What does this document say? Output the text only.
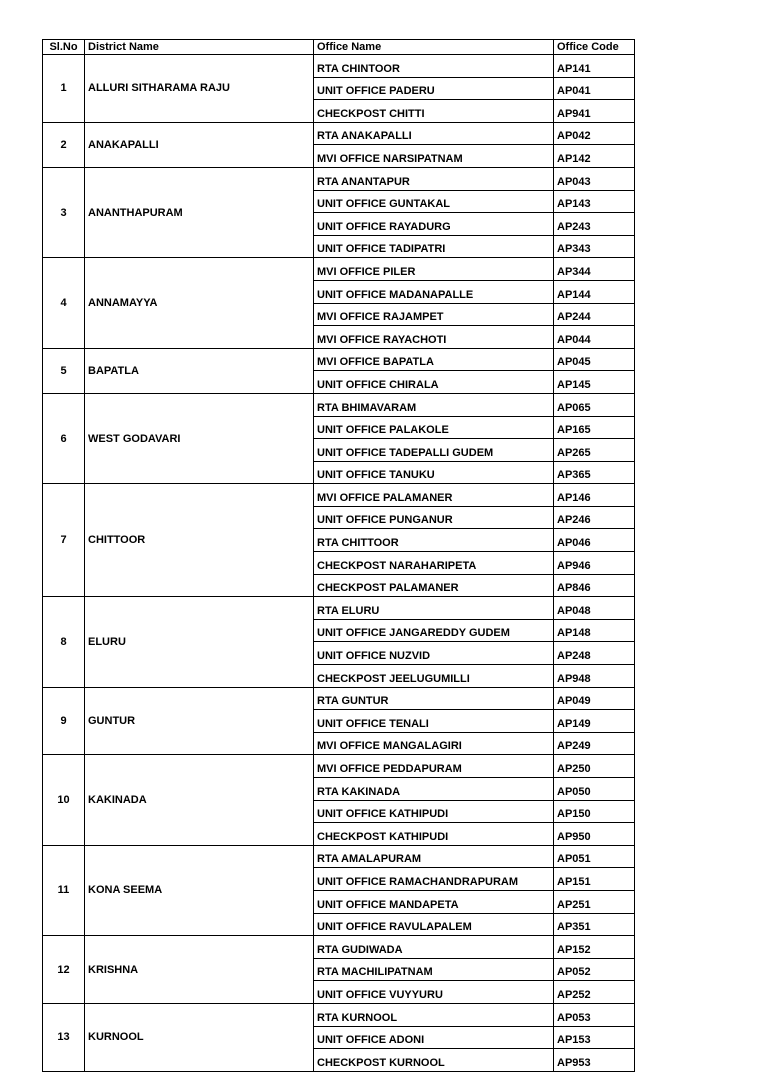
Sl.No	District Name	Office Name	Office Code
1	ALLURI SITHARAMA RAJU	RTA CHINTOOR	AP141
		UNIT OFFICE PADERU	AP041
		CHECKPOST CHITTI	AP941
2	ANAKAPALLI	RTA ANAKAPALLI	AP042
		MVI OFFICE NARSIPATNAM	AP142
3	ANANTHAPURAM	RTA ANANTAPUR	AP043
		UNIT OFFICE GUNTAKAL	AP143
		UNIT OFFICE RAYADURG	AP243
		UNIT OFFICE TADIPATRI	AP343
4	ANNAMAYYA	MVI OFFICE PILER	AP344
		UNIT OFFICE MADANAPALLE	AP144
		MVI OFFICE RAJAMPET	AP244
		MVI OFFICE RAYACHOTI	AP044
5	BAPATLA	MVI OFFICE BAPATLA	AP045
		UNIT OFFICE CHIRALA	AP145
6	WEST GODAVARI	RTA BHIMAVARAM	AP065
		UNIT OFFICE PALAKOLE	AP165
		UNIT OFFICE TADEPALLI GUDEM	AP265
		UNIT OFFICE TANUKU	AP365
7	CHITTOOR	MVI OFFICE PALAMANER	AP146
		UNIT OFFICE PUNGANUR	AP246
		RTA CHITTOOR	AP046
		CHECKPOST NARAHARIPETA	AP946
		CHECKPOST PALAMANER	AP846
8	ELURU	RTA ELURU	AP048
		UNIT OFFICE JANGAREDDY GUDEM	AP148
		UNIT OFFICE NUZVID	AP248
		CHECKPOST JEELUGUMILLI	AP948
9	GUNTUR	RTA GUNTUR	AP049
		UNIT OFFICE TENALI	AP149
		MVI OFFICE MANGALAGIRI	AP249
10	KAKINADA	MVI OFFICE PEDDAPURAM	AP250
		RTA KAKINADA	AP050
		UNIT OFFICE KATHIPUDI	AP150
		CHECKPOST KATHIPUDI	AP950
11	KONA SEEMA	RTA AMALAPURAM	AP051
		UNIT OFFICE RAMACHANDRAPURAM	AP151
		UNIT OFFICE MANDAPETA	AP251
		UNIT OFFICE RAVULAPALEM	AP351
12	KRISHNA	RTA GUDIWADA	AP152
		RTA MACHILIPATNAM	AP052
		UNIT OFFICE VUYYURU	AP252
13	KURNOOL	RTA KURNOOL	AP053
		UNIT OFFICE ADONI	AP153
		CHECKPOST KURNOOL	AP953
